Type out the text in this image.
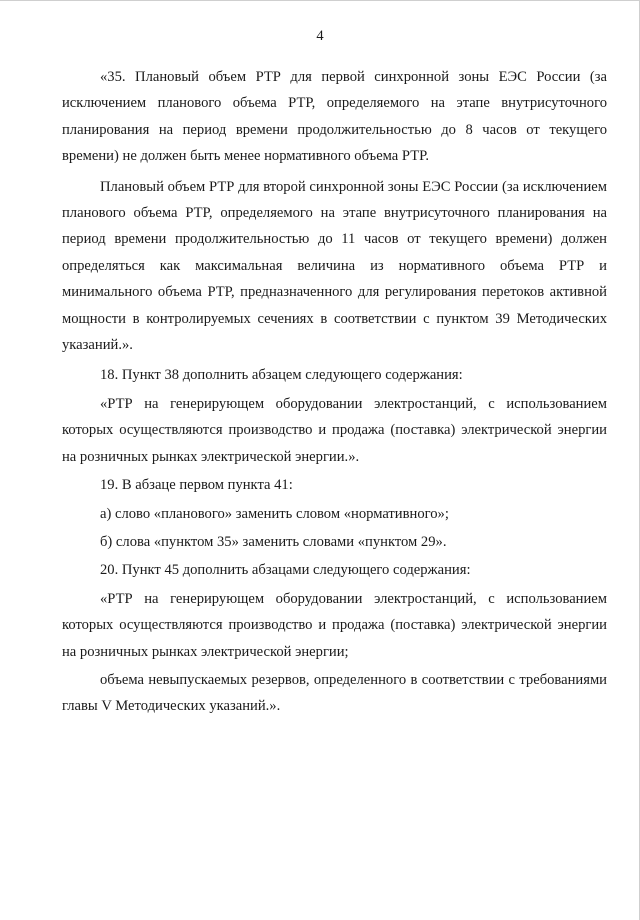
4

«35. Плановый объем РТР для первой синхронной зоны ЕЭС России (за исключением планового объема РТР, определяемого на этапе внутрисуточного планирования на период времени продолжительностью до 8 часов от текущего времени) не должен быть менее нормативного объема РТР.

Плановый объем РТР для второй синхронной зоны ЕЭС России (за исключением планового объема РТР, определяемого на этапе внутрисуточного планирования на период времени продолжительностью до 11 часов от текущего времени) должен определяться как максимальная величина из нормативного объема РТР и минимального объема РТР, предназначенного для регулирования перетоков активной мощности в контролируемых сечениях в соответствии с пунктом 39 Методических указаний.».

18. Пункт 38 дополнить абзацем следующего содержания:

«РТР на генерирующем оборудовании электростанций, с использованием которых осуществляются производство и продажа (поставка) электрической энергии на розничных рынках электрической энергии.».

19. В абзаце первом пункта 41:

а) слово «планового» заменить словом «нормативного»;

б) слова «пунктом 35» заменить словами «пунктом 29».

20. Пункт 45 дополнить абзацами следующего содержания:

«РТР на генерирующем оборудовании электростанций, с использованием которых осуществляются производство и продажа (поставка) электрической энергии на розничных рынках электрической энергии;

объема невыпускаемых резервов, определенного в соответствии с требованиями главы V Методических указаний.».
